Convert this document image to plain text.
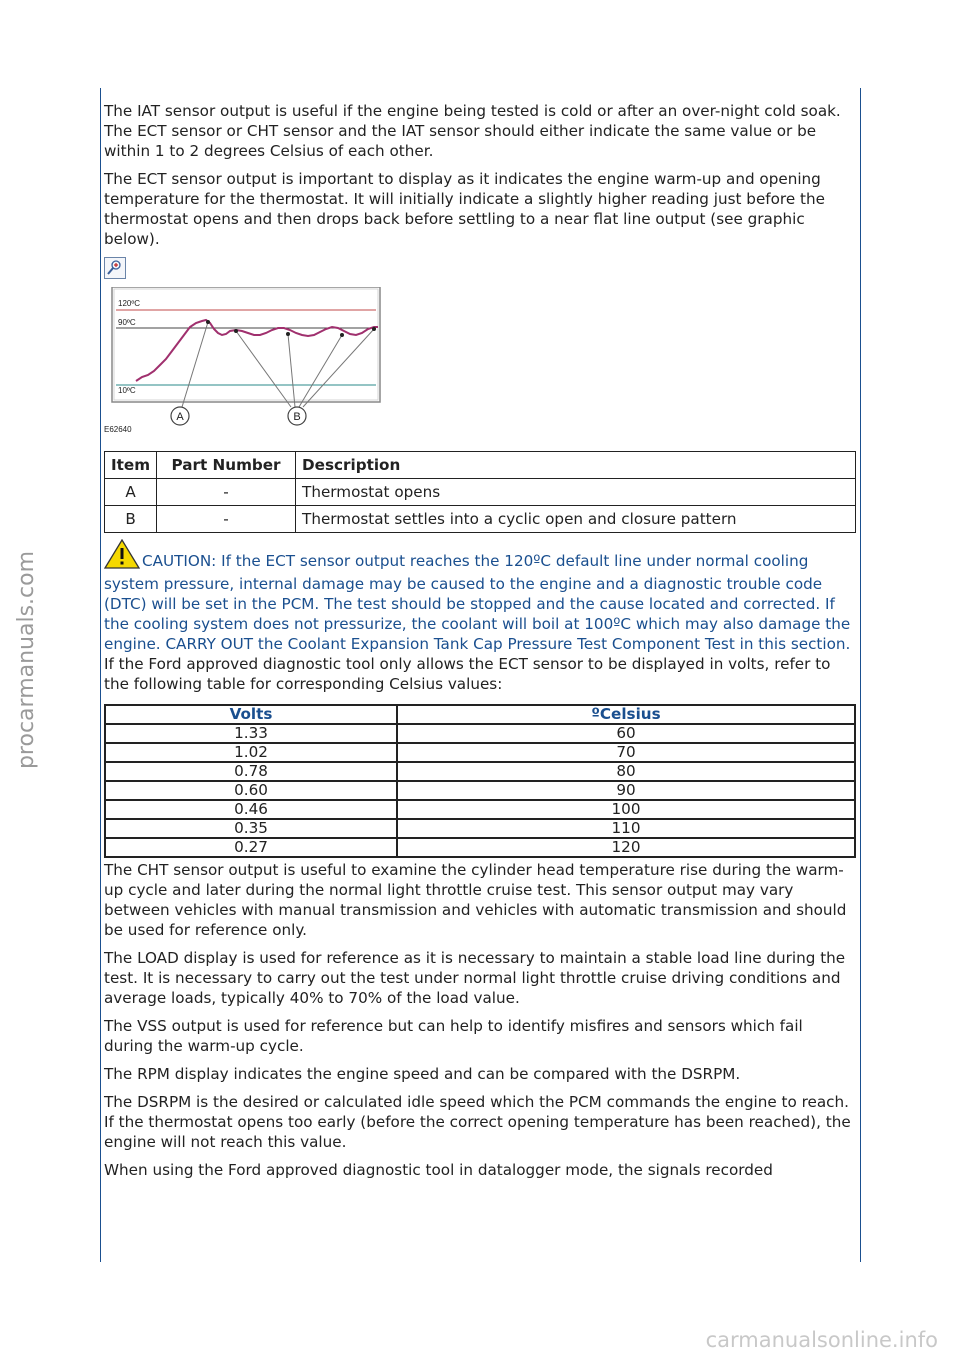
procarmanuals.com

The IAT sensor output is useful if the engine being tested is cold or after an over-night cold soak. The ECT sensor or CHT sensor and the IAT sensor should either indicate the same value or be within 1 to 2 degrees Celsius of each other.

The ECT sensor output is important to display as it indicates the engine warm-up and opening temperature for the thermostat. It will initially indicate a slightly higher reading just before the thermostat opens and then drops back before settling to a near flat line output (see graphic below).

120ºC
90ºC
10ºC
A	B
E62640
Item	Part Number	Description
A	-	Thermostat opens
B	-	Thermostat settles into a cyclic open and closure pattern

CAUTION: If the ECT sensor output reaches the 120ºC default line under normal cooling system pressure, internal damage may be caused to the engine and a diagnostic trouble code (DTC) will be set in the PCM. The test should be stopped and the cause located and corrected. If the cooling system does not pressurize, the coolant will boil at 100ºC which may also damage the engine. CARRY OUT the Coolant Expansion Tank Cap Pressure Test Component Test in this section.

If the Ford approved diagnostic tool only allows the ECT sensor to be displayed in volts, refer to the following table for corresponding Celsius values:

Volts	ºCelsius
1.33	60
1.02	70
0.78	80
0.60	90
0.46	100
0.35	110
0.27	120

The CHT sensor output is useful to examine the cylinder head temperature rise during the warm-up cycle and later during the normal light throttle cruise test. This sensor output may vary between vehicles with manual transmission and vehicles with automatic transmission and should be used for reference only.

The LOAD display is used for reference as it is necessary to maintain a stable load line during the test. It is necessary to carry out the test under normal light throttle cruise driving conditions and average loads, typically 40% to 70% of the load value.

The VSS output is used for reference but can help to identify misfires and sensors which fail during the warm-up cycle.

The RPM display indicates the engine speed and can be compared with the DSRPM.

The DSRPM is the desired or calculated idle speed which the PCM commands the engine to reach. If the thermostat opens too early (before the correct opening temperature has been reached), the engine will not reach this value.

When using the Ford approved diagnostic tool in datalogger mode, the signals recorded

carmanualsonline.info
